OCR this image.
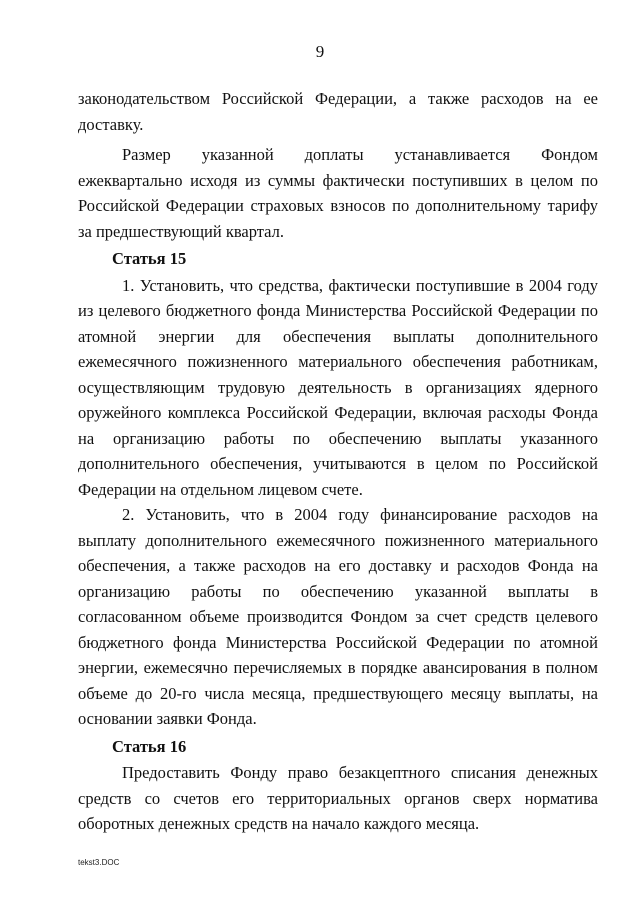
9

законодательством Российской Федерации, а также расходов на ее доставку.

Размер указанной доплаты устанавливается Фондом ежеквартально исходя из суммы фактически поступивших в целом по Российской Федерации страховых взносов по дополнительному тарифу за предшествующий квартал.

Статья 15

1. Установить, что средства, фактически поступившие в 2004 году из целевого бюджетного фонда Министерства Российской Федерации по атомной энергии для обеспечения выплаты дополнительного ежемесячного пожизненного материального обеспечения работникам, осуществляющим трудовую деятельность в организациях ядерного оружейного комплекса Российской Федерации, включая расходы Фонда на организацию работы по обеспечению выплаты указанного дополнительного обеспечения, учитываются в целом по Российской Федерации на отдельном лицевом счете.

2. Установить, что в 2004 году финансирование расходов на выплату дополнительного ежемесячного пожизненного материального обеспечения, а также расходов на его доставку и расходов Фонда на организацию работы по обеспечению указанной выплаты в согласованном объеме производится Фондом за счет средств целевого бюджетного фонда Министерства Российской Федерации по атомной энергии, ежемесячно перечисляемых в порядке авансирования в полном объеме до 20-го числа месяца, предшествующего месяцу выплаты, на основании заявки Фонда.

Статья 16

Предоставить Фонду право безакцептного списания денежных средств со счетов его территориальных органов сверх норматива оборотных денежных средств на начало каждого месяца.

tekst3.DOC
